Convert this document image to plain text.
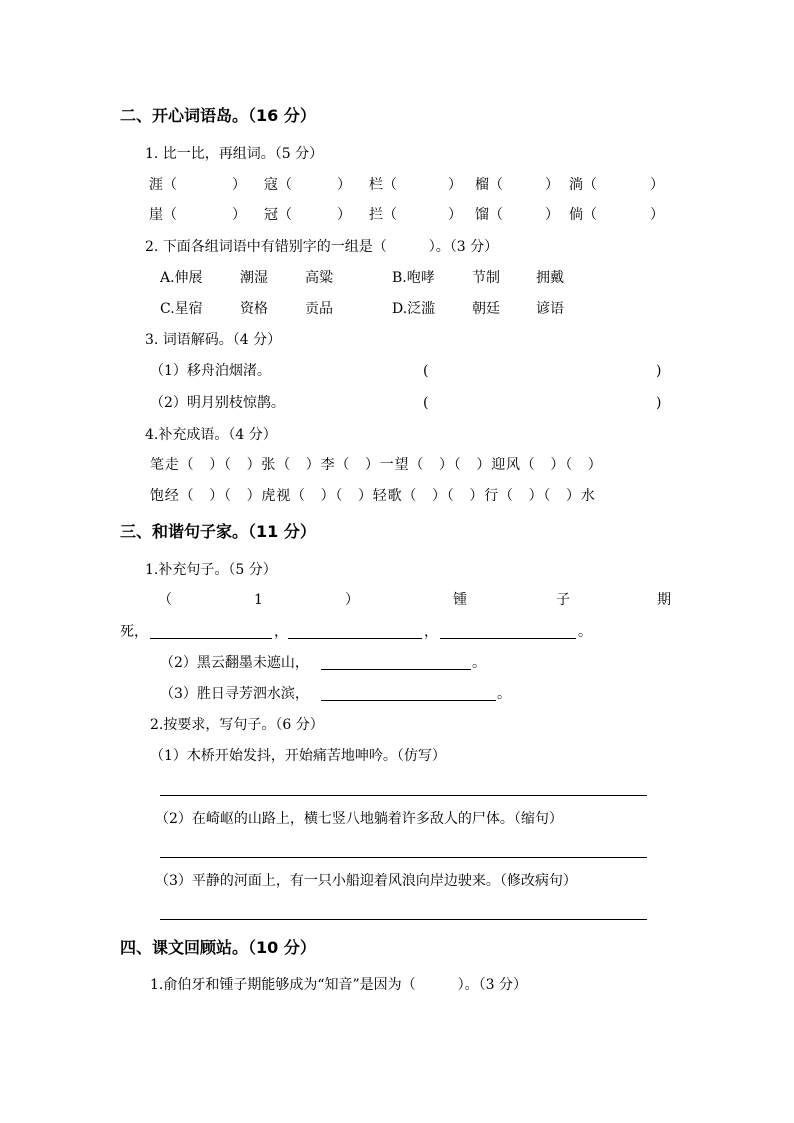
二、开心词语岛。（16 分）
1. 比一比，再组词。（5 分）
涯（	） 寇（	） 栏（	） 榴（	） 淌（	）
崖（	） 冠（	） 拦（	） 馏（	） 倘（	）
2. 下面各组词语中有错别字的一组是（　　　）。（3 分）
A.伸展	潮湿	高粱	B.咆哮	节制	拥戴
C.星宿	资格	贡品	D.泛滥	朝廷	谚语
3. 词语解码。（4 分）
（1）移舟泊烟渚。	(	)
（2）明月别枝惊鹊。	(	)
4.补充成语。（4 分）
笔走（　）（　）张（　）李（　）一望（　）（　）迎风（　）（　）
饱经（　）（　）虎视（　）（　）轻歌（　）（　）行（　）（　）水
三、和谐句子家。（11 分）
1.补充句子。（5 分）
（	1	）	锺	子	期
死，	，	，	。
（2）黑云翻墨未遮山，	。
（3）胜日寻芳泗水滨，	。
2.按要求，写句子。（6 分）
（1）木桥开始发抖，开始痛苦地呻吟。（仿写）
（2）在崎岖的山路上，横七竖八地躺着许多敌人的尸体。（缩句）
（3）平静的河面上，有一只小船迎着风浪向岸边驶来。（修改病句）
四、课文回顾站。（10 分）
1.俞伯牙和锺子期能够成为“知音”是因为（　　　）。（3 分）
